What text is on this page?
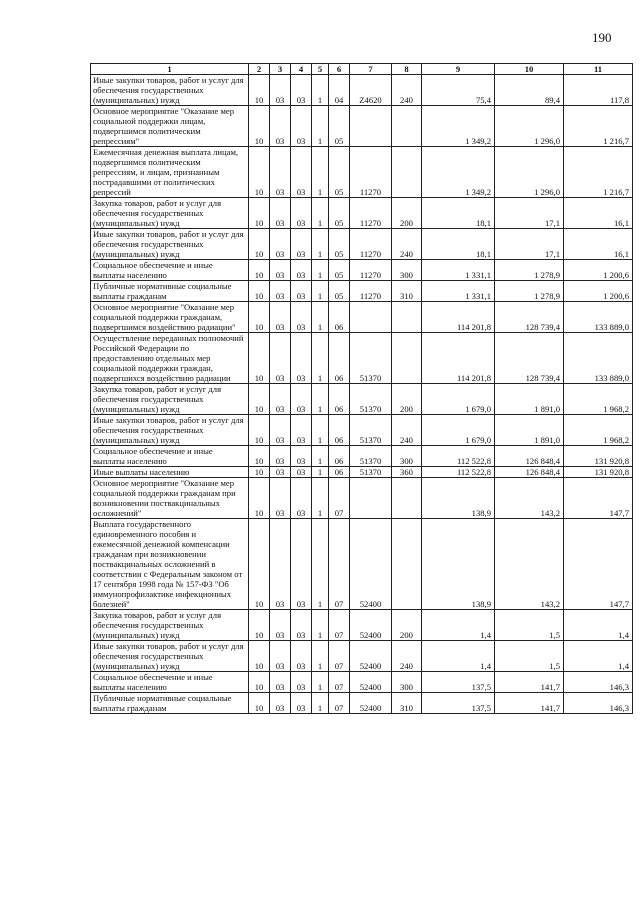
190
1	2	3	4	5	6	7	8	9	10	11
Иные закупки товаров, работ и услуг для обеспечения государственных (муниципальных) нужд	10	03	03	1	04	Z4620	240	75,4	89,4	117,8
Основное мероприятие "Оказание мер социальной поддержки лицам, подвергшимся политическим репрессиям"	10	03	03	1	05			1 349,2	1 296,0	1 216,7
Ежемесячная денежная выплата лицам, подвергшимся политическим репрессиям, и лицам, признанным пострадавшими от политических репрессий	10	03	03	1	05	11270		1 349,2	1 296,0	1 216,7
Закупка товаров, работ и услуг для обеспечения государственных (муниципальных) нужд	10	03	03	1	05	11270	200	18,1	17,1	16,1
Иные закупки товаров, работ и услуг для обеспечения государственных (муниципальных) нужд	10	03	03	1	05	11270	240	18,1	17,1	16,1
Социальное обеспечение и иные выплаты населению	10	03	03	1	05	11270	300	1 331,1	1 278,9	1 200,6
Публичные нормативные социальные выплаты гражданам	10	03	03	1	05	11270	310	1 331,1	1 278,9	1 200,6
Основное мероприятие "Оказание мер социальной поддержки гражданам, подвергшимся воздействию радиации"	10	03	03	1	06			114 201,8	128 739,4	133 889,0
Осуществление переданных полномочий Российской Федерации по предоставлению отдельных мер социальной поддержки граждан, подвергшихся воздействию радиации	10	03	03	1	06	51370		114 201,8	128 739,4	133 889,0
Закупка товаров, работ и услуг для обеспечения государственных (муниципальных) нужд	10	03	03	1	06	51370	200	1 679,0	1 891,0	1 968,2
Иные закупки товаров, работ и услуг для обеспечения государственных (муниципальных) нужд	10	03	03	1	06	51370	240	1 679,0	1 891,0	1 968,2
Социальное обеспечение и иные выплаты населению	10	03	03	1	06	51370	300	112 522,8	126 848,4	131 920,8
Иные выплаты населению	10	03	03	1	06	51370	360	112 522,8	126 848,4	131 920,8
Основное мероприятие "Оказание мер социальной поддержки гражданам при возникновении поствакцинальных осложнений"	10	03	03	1	07			138,9	143,2	147,7
Выплата государственного единовременного пособия и ежемесячной денежной компенсации гражданам при возникновении поствакцинальных осложнений в соответствии с Федеральным законом от 17 сентября 1998 года № 157-ФЗ "Об иммунопрофилактике инфекционных болезней"	10	03	03	1	07	52400		138,9	143,2	147,7
Закупка товаров, работ и услуг для обеспечения государственных (муниципальных) нужд	10	03	03	1	07	52400	200	1,4	1,5	1,4
Иные закупки товаров, работ и услуг для обеспечения государственных (муниципальных) нужд	10	03	03	1	07	52400	240	1,4	1,5	1,4
Социальное обеспечение и иные выплаты населению	10	03	03	1	07	52400	300	137,5	141,7	146,3
Публичные нормативные социальные выплаты гражданам	10	03	03	1	07	52400	310	137,5	141,7	146,3
